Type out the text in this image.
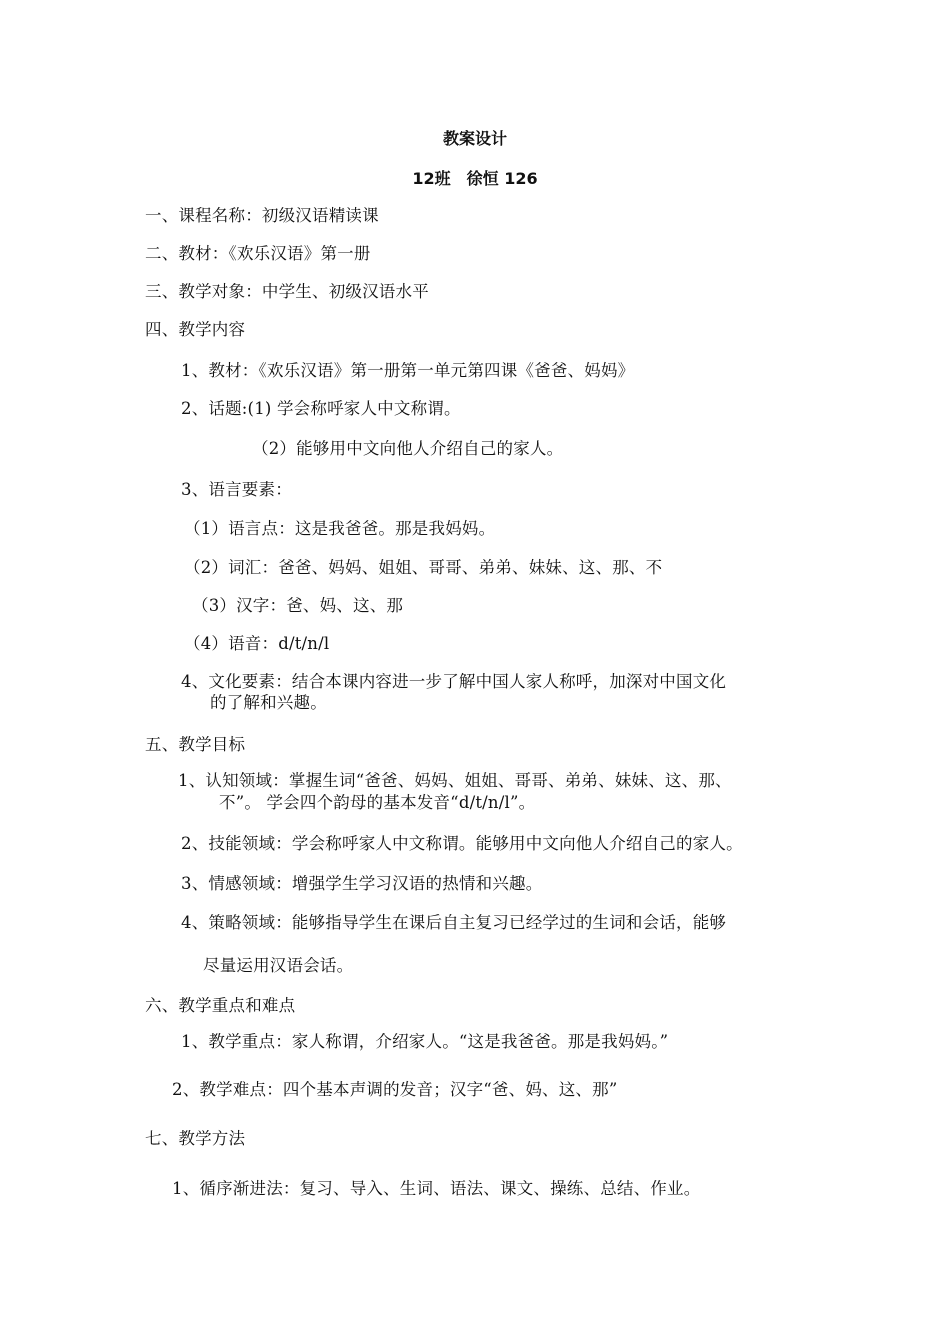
教案设计
12班　徐恒 126
一、课程名称：初级汉语精读课
二、教材：《欢乐汉语》第一册
三、教学对象：中学生、初级汉语水平
四、教学内容
1、教材：《欢乐汉语》第一册第一单元第四课《爸爸、妈妈》
2、话题:(1) 学会称呼家人中文称谓。
（2）能够用中文向他人介绍自己的家人。
3、语言要素：
（1）语言点：这是我爸爸。那是我妈妈。
（2）词汇：爸爸、妈妈、姐姐、哥哥、弟弟、妹妹、这、那、不
（3）汉字：爸、妈、这、那
（4）语音：d/t/n/l
4、文化要素：结合本课内容进一步了解中国人家人称呼，加深对中国文化
的了解和兴趣。
五、教学目标
1、认知领域：掌握生词“爸爸、妈妈、姐姐、哥哥、弟弟、妹妹、这、那、
不”。 学会四个韵母的基本发音“d/t/n/l”。
2、技能领域：学会称呼家人中文称谓。能够用中文向他人介绍自己的家人。
3、情感领域：增强学生学习汉语的热情和兴趣。
4、策略领域：能够指导学生在课后自主复习已经学过的生词和会话，能够
尽量运用汉语会话。
六、教学重点和难点
1、教学重点：家人称谓，介绍家人。“这是我爸爸。那是我妈妈。”
2、教学难点：四个基本声调的发音；汉字“爸、妈、这、那”
七、教学方法
1、循序渐进法：复习、导入、生词、语法、课文、操练、总结、作业。
